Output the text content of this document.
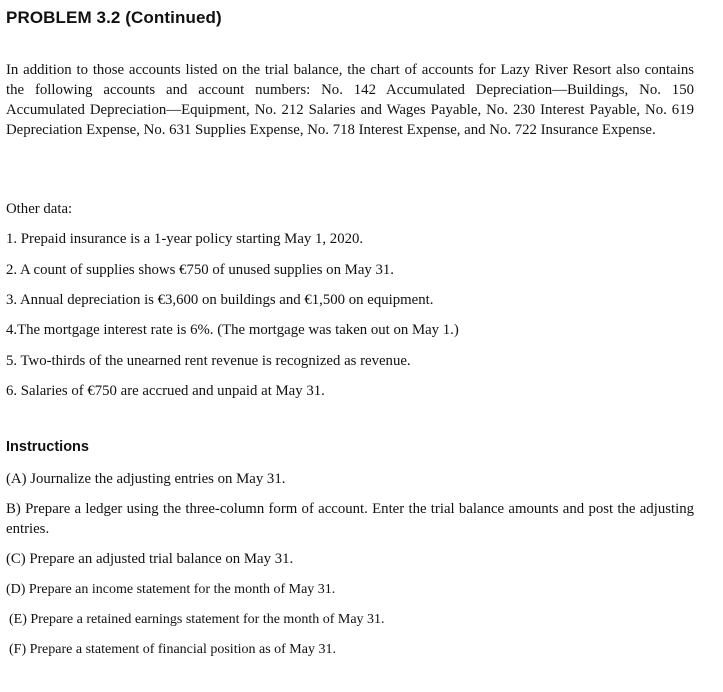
PROBLEM 3.2 (Continued)

In addition to those accounts listed on the trial balance, the chart of accounts for Lazy River Resort also contains the following accounts and account numbers: No. 142 Accumulated Depreciation—Buildings, No. 150 Accumulated Depreciation—Equipment, No. 212 Salaries and Wages Payable, No. 230 Interest Payable, No. 619 Depreciation Expense, No. 631 Supplies Expense, No. 718 Interest Expense, and No. 722 Insurance Expense.

Other data:
1. Prepaid insurance is a 1-year policy starting May 1, 2020.
2. A count of supplies shows €750 of unused supplies on May 31.
3. Annual depreciation is €3,600 on buildings and €1,500 on equipment.
4.The mortgage interest rate is 6%. (The mortgage was taken out on May 1.)
5. Two-thirds of the unearned rent revenue is recognized as revenue.
6. Salaries of €750 are accrued and unpaid at May 31.
Instructions
(A) Journalize the adjusting entries on May 31.

B) Prepare a ledger using the three-column form of account. Enter the trial balance amounts and post the adjusting entries.

(C) Prepare an adjusted trial balance on May 31.
(D) Prepare an income statement for the month of May 31.
(E) Prepare a retained earnings statement for the month of May 31.
(F) Prepare a statement of financial position as of May 31.
